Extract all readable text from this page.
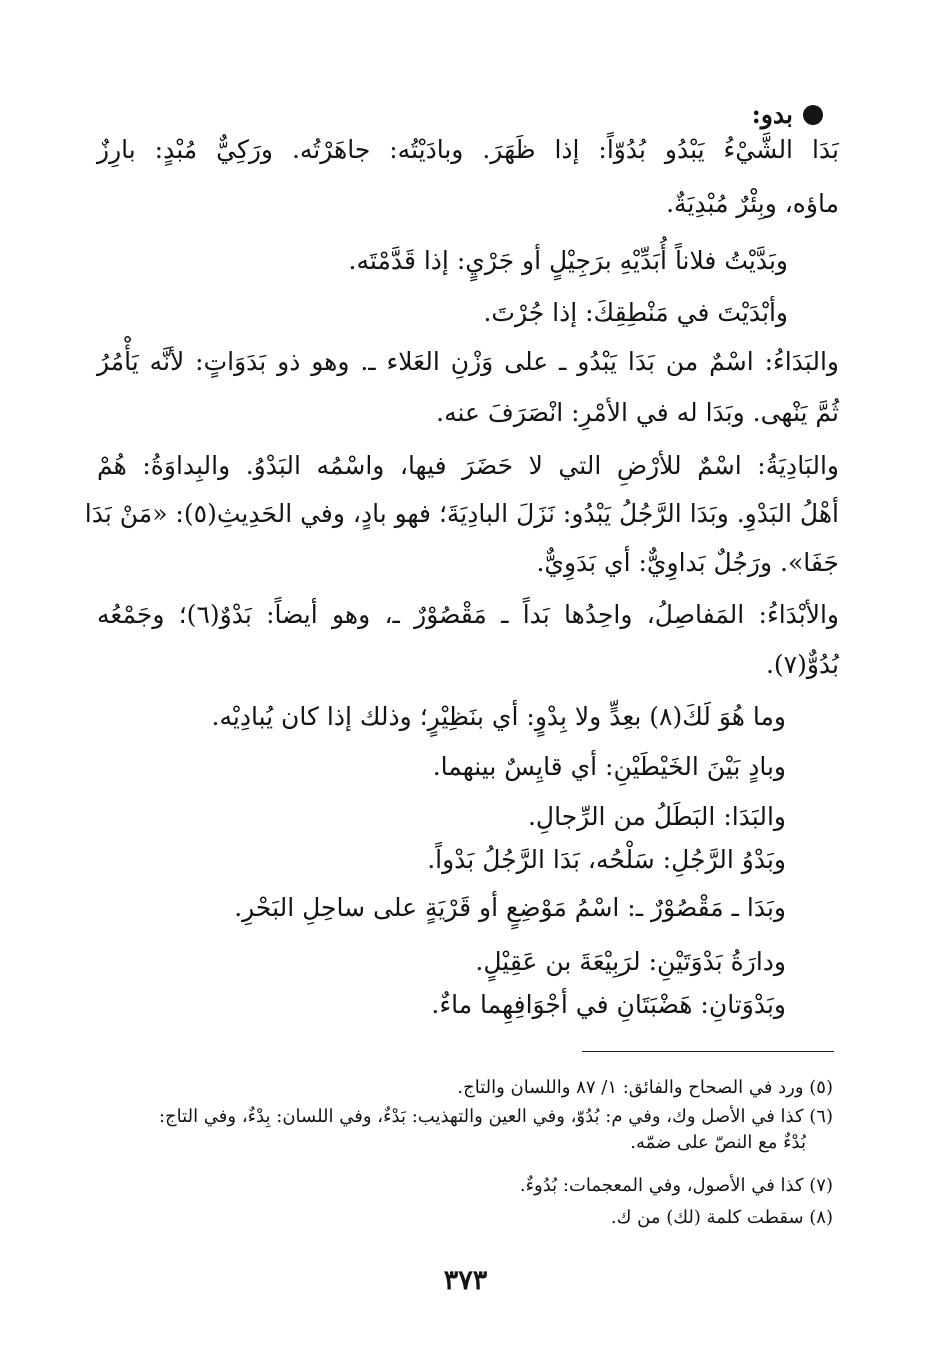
بدو:
بَدَا الشَّيْءُ يَبْدُو بُدُوّاً: إذا ظَهَرَ. وبادَيْتُه: جاهَرْتُه. ورَكِيٌّ مُبْدٍ: بارِزٌ
ماؤه، وبِئْرٌ مُبْدِيَةٌ.
وبَدَّيْتُ فلاناً أُبَدِّيْهِ برَجِيْلٍ أو جَرْيٍ: إذا قَدَّمْتَه.
وأبْدَيْتَ في مَنْطِقِكَ: إذا جُرْتَ.
والبَدَاءُ: اسْمٌ من بَدَا يَبْدُو ـ على وَزْنِ العَلاء ـ. وهو ذو بَدَوَاتٍ: لأنَّه يَأْمُرُ
ثُمَّ يَنْهى. وبَدَا له في الأمْرِ: انْصَرَفَ عنه.
والبَادِيَةُ: اسْمٌ للأرْضِ التي لا حَضَرَ فيها، واسْمُه البَدْوُ. والبِداوَةُ: هُمْ
أهْلُ البَدْوِ. وبَدَا الرَّجُلُ يَبْدُو: نَزَلَ البادِيَةَ؛ فهو بادٍ، وفي الحَدِيثِ(٥): «مَنْ بَدَا
جَفَا». ورَجُلٌ بَداوِيٌّ: أي بَدَوِيٌّ.
والأبْدَاءُ: المَفاصِلُ، واحِدُها بَداً ـ مَقْصُوْرٌ ـ، وهو أيضاً: بَدْوٌ(٦)؛ وجَمْعُه
بُدُوٌّ(٧).
وما هُوَ لَكَ(٨) بعِدٍّ ولا بِدْوٍ: أي بنَظِيْرٍ؛ وذلك إذا كان يُبادِيْه.
وبادٍ بَيْنَ الخَيْطَيْنِ: أي قايِسٌ بينهما.
والبَدَا: البَطَلُ من الرِّجالِ.
وبَدْوُ الرَّجُلِ: سَلْحُه، بَدَا الرَّجُلُ بَدْواً.
وبَدَا ـ مَقْصُوْرٌ ـ: اسْمُ مَوْضِعٍ أو قَرْيَةٍ على ساحِلِ البَحْرِ.
ودارَةُ بَدْوَتَيْنِ: لرَبِيْعَةَ بن عَقِيْلٍ.
وبَدْوَتانِ: هَضْبَتَانِ في أجْوَافِهِما ماءٌ.
(٥) ورد في الصحاح والفائق: ١/ ٨٧ واللسان والتاج.
(٦) كذا في الأصل وك، وفي م: بُدُوّ، وفي العين والتهذيب: بَدْءٌ، وفي اللسان: بِدْءٌ، وفي التاج:
بُدْءٌ مع النصّ على ضمّه.
(٧) كذا في الأصول، وفي المعجمات: بُدُوءٌ.
(٨) سقطت كلمة (لك) من ك.
٣٧٣
